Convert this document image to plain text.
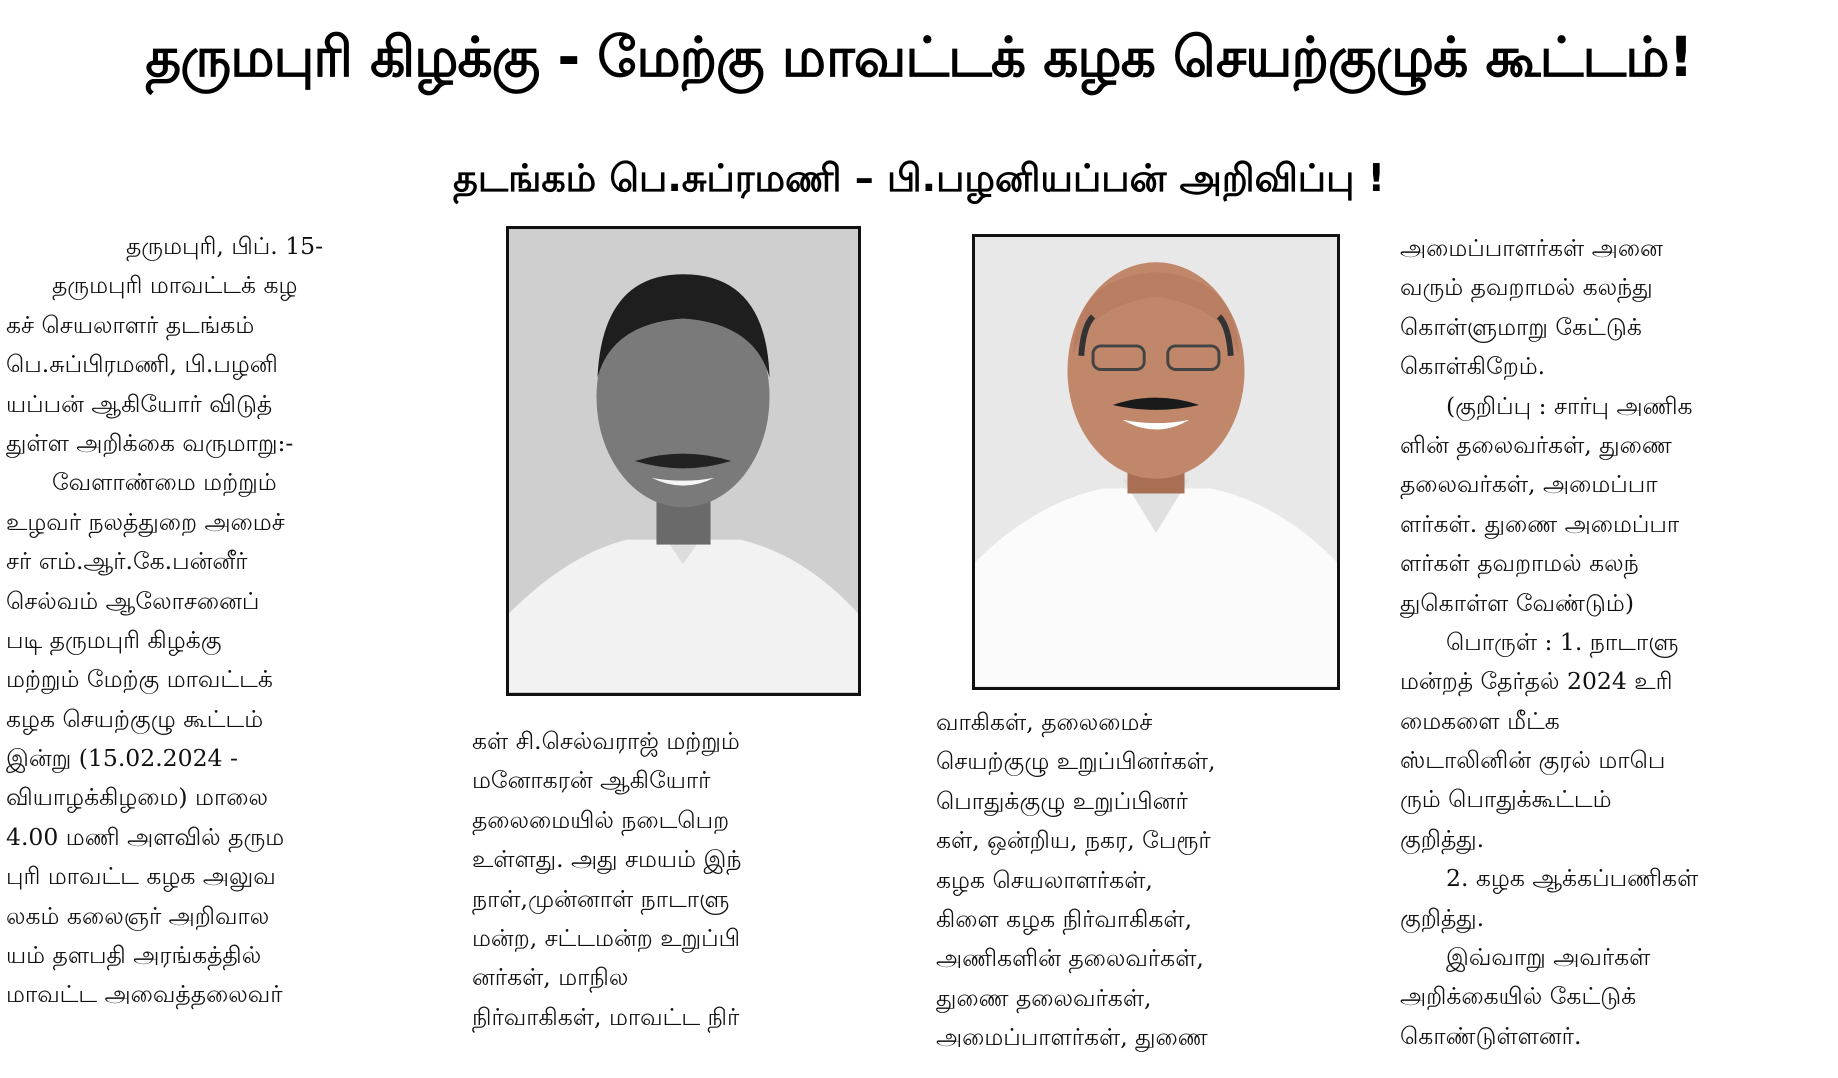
தருமபுரி கிழக்கு - மேற்கு மாவட்டக் கழக செயற்குழுக் கூட்டம்!
தடங்கம் பெ.சுப்ரமணி – பி.பழனியப்பன் அறிவிப்பு !
தருமபுரி, பிப். 15-
தருமபுரி மாவட்டக் கழ
கச் செயலாளர் தடங்கம்
பெ.சுப்பிரமணி, பி.பழனி
யப்பன் ஆகியோர் விடுத்
துள்ள அறிக்கை வருமாறு:-
வேளாண்மை மற்றும்
உழவர் நலத்துறை அமைச்
சர் எம்.ஆர்.கே.பன்னீர்
செல்வம் ஆலோசனைப்
படி தருமபுரி கிழக்கு
மற்றும் மேற்கு மாவட்டக்
கழக செயற்குழு கூட்டம்
இன்று (15.02.2024 -
வியாழக்கிழமை) மாலை
4.00 மணி அளவில் தரும
புரி மாவட்ட கழக அலுவ
லகம் கலைஞர் அறிவால
யம் தளபதி அரங்கத்தில்
மாவட்ட அவைத்தலைவர்
கள் சி.செல்வராஜ் மற்றும்
மனோகரன் ஆகியோர்
தலைமையில் நடைபெற
உள்ளது. அது சமயம் இந்
நாள்,முன்னாள் நாடாளு
மன்ற, சட்டமன்ற உறுப்பி
னர்கள், மாநில
நிர்வாகிகள், மாவட்ட நிர்
வாகிகள், தலைமைச்
செயற்குழு உறுப்பினர்கள்,
பொதுக்குழு உறுப்பினர்
கள், ஒன்றிய, நகர, பேரூர்
கழக செயலாளர்கள்,
கிளை கழக நிர்வாகிகள்,
அணிகளின் தலைவர்கள்,
துணை தலைவர்கள்,
அமைப்பாளர்கள், துணை
அமைப்பாளர்கள் அனை
வரும் தவறாமல் கலந்து
கொள்ளுமாறு கேட்டுக்
கொள்கிறேம்.
(குறிப்பு : சார்பு அணிக
ளின் தலைவர்கள், துணை
தலைவர்கள், அமைப்பா
ளர்கள். துணை அமைப்பா
ளர்கள் தவறாமல் கலந்
துகொள்ள வேண்டும்)
பொருள் : 1. நாடாளு
மன்றத் தேர்தல் 2024 உரி
மைகளை மீட்க
ஸ்டாலினின் குரல் மாபெ
ரும் பொதுக்கூட்டம்
குறித்து.
2. கழக ஆக்கப்பணிகள்
குறித்து.
இவ்வாறு அவர்கள்
அறிக்கையில் கேட்டுக்
கொண்டுள்ளனர்.
